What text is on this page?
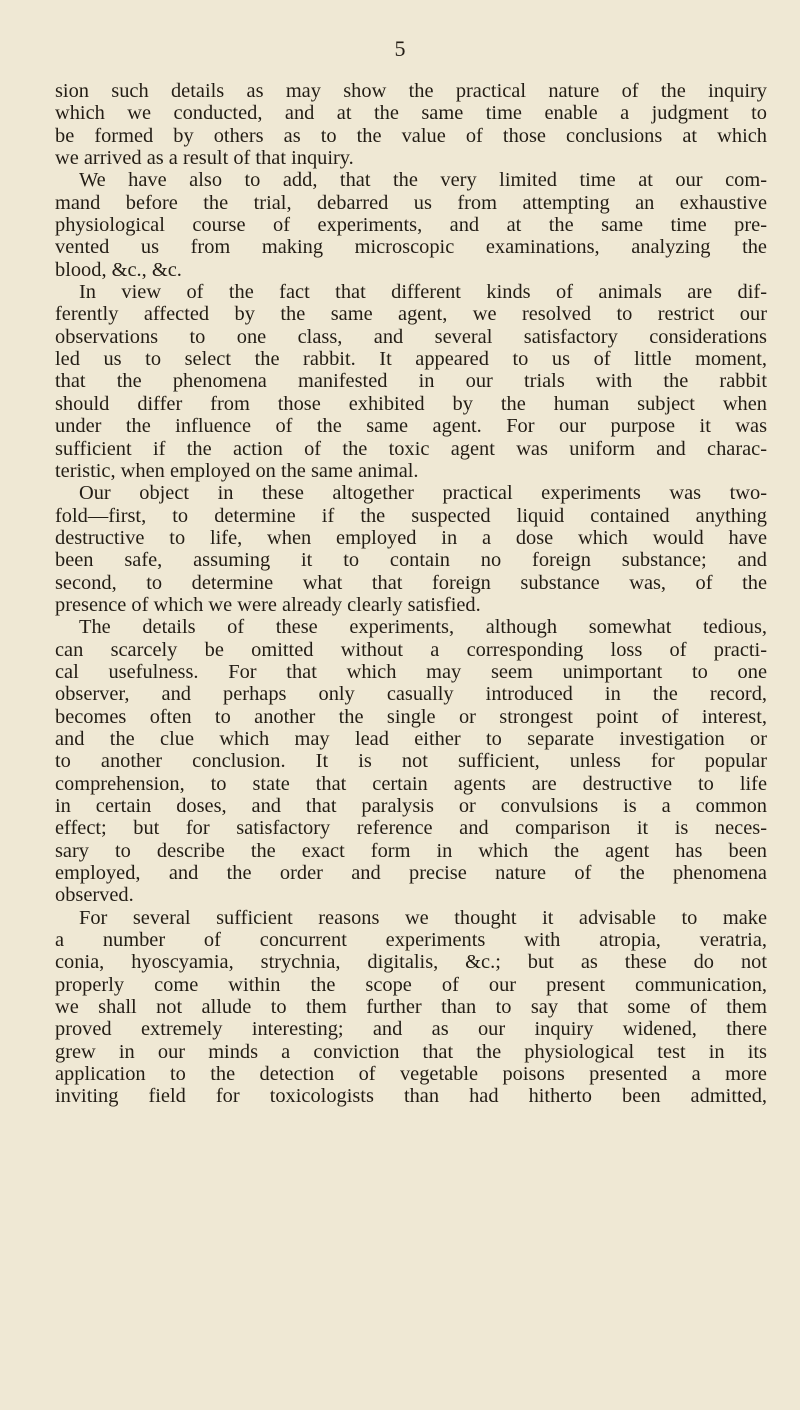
5
sion such details as may show the practical nature of the inquiry
which we conducted, and at the same time enable a judgment to
be formed by others as to the value of those conclusions at which
we arrived as a result of that inquiry.
We have also to add, that the very limited time at our com-
mand before the trial, debarred us from attempting an exhaustive
physiological course of experiments, and at the same time pre-
vented us from making microscopic examinations, analyzing the
blood, &c., &c.
In view of the fact that different kinds of animals are dif-
ferently affected by the same agent, we resolved to restrict our
observations to one class, and several satisfactory considerations
led us to select the rabbit. It appeared to us of little moment,
that the phenomena manifested in our trials with the rabbit
should differ from those exhibited by the human subject when
under the influence of the same agent. For our purpose it was
sufficient if the action of the toxic agent was uniform and charac-
teristic, when employed on the same animal.
Our object in these altogether practical experiments was two-
fold—first, to determine if the suspected liquid contained anything
destructive to life, when employed in a dose which would have
been safe, assuming it to contain no foreign substance; and
second, to determine what that foreign substance was, of the
presence of which we were already clearly satisfied.
The details of these experiments, although somewhat tedious,
can scarcely be omitted without a corresponding loss of practi-
cal usefulness. For that which may seem unimportant to one
observer, and perhaps only casually introduced in the record,
becomes often to another the single or strongest point of interest,
and the clue which may lead either to separate investigation or
to another conclusion. It is not sufficient, unless for popular
comprehension, to state that certain agents are destructive to life
in certain doses, and that paralysis or convulsions is a common
effect; but for satisfactory reference and comparison it is neces-
sary to describe the exact form in which the agent has been
employed, and the order and precise nature of the phenomena
observed.
For several sufficient reasons we thought it advisable to make
a number of concurrent experiments with atropia, veratria,
conia, hyoscyamia, strychnia, digitalis, &c.; but as these do not
properly come within the scope of our present communication,
we shall not allude to them further than to say that some of them
proved extremely interesting; and as our inquiry widened, there
grew in our minds a conviction that the physiological test in its
application to the detection of vegetable poisons presented a more
inviting field for toxicologists than had hitherto been admitted,
